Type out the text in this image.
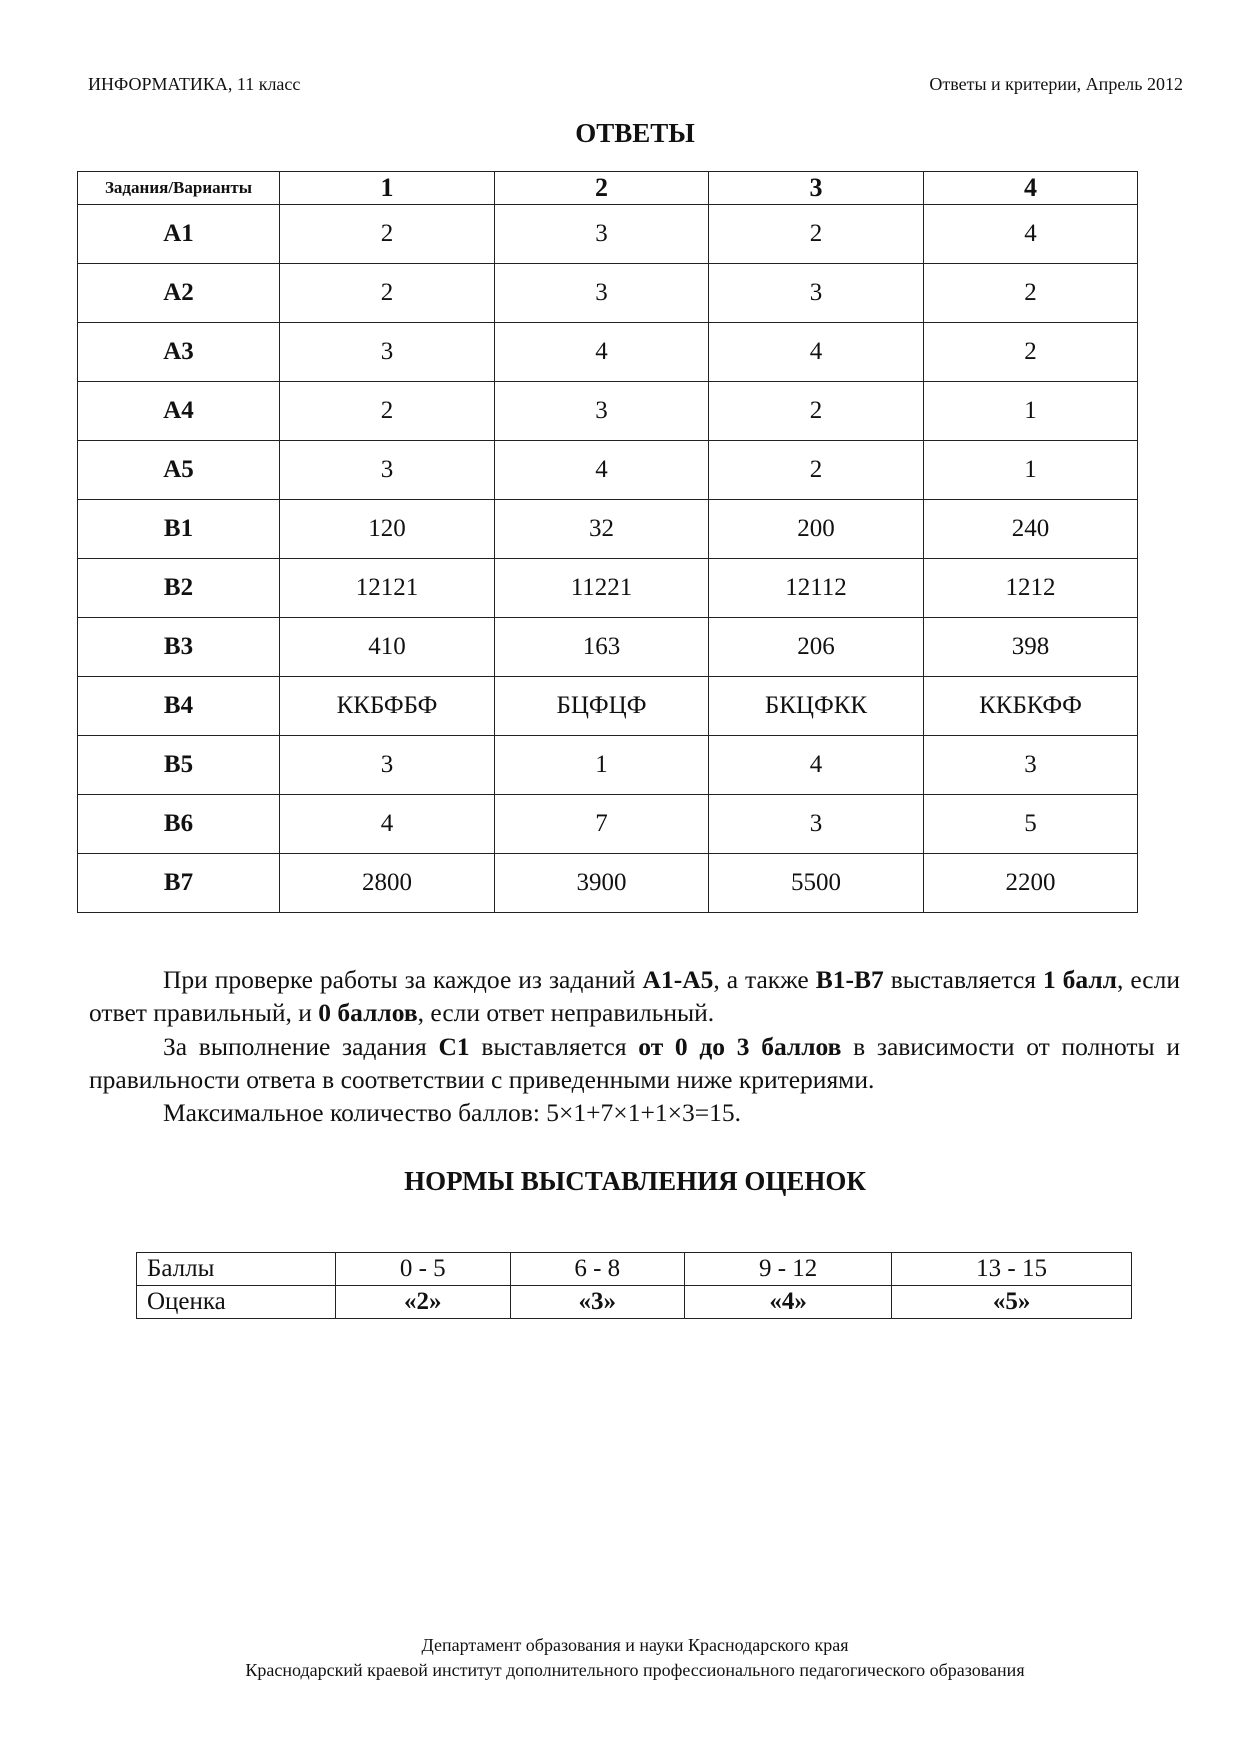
ИНФОРМАТИКА, 11 класс	Ответы и критерии, Апрель 2012
ОТВЕТЫ
Задания/Варианты	1	2	3	4
A1	2	3	2	4
A2	2	3	3	2
A3	3	4	4	2
A4	2	3	2	1
A5	3	4	2	1
B1	120	32	200	240
B2	12121	11221	12112	1212
B3	410	163	206	398
B4	ККБФБФ	БЦФЦФ	БКЦФКК	ККБКФФ
B5	3	1	4	3
B6	4	7	3	5
B7	2800	3900	5500	2200
При проверке работы за каждое из заданий A1-A5, а также B1-B7 выставляется 1 балл, если ответ правильный, и 0 баллов, если ответ неправильный.
За выполнение задания C1 выставляется от 0 до 3 баллов в зависимости от полноты и правильности ответа в соответствии с приведенными ниже критериями.
Максимальное количество баллов: 5×1+7×1+1×3=15.
НОРМЫ ВЫСТАВЛЕНИЯ ОЦЕНОК
Баллы	0 - 5	6 - 8	9 - 12	13 - 15
Оценка	«2»	«3»	«4»	«5»
Департамент образования и науки Краснодарского края
Краснодарский краевой институт дополнительного профессионального педагогического образования
